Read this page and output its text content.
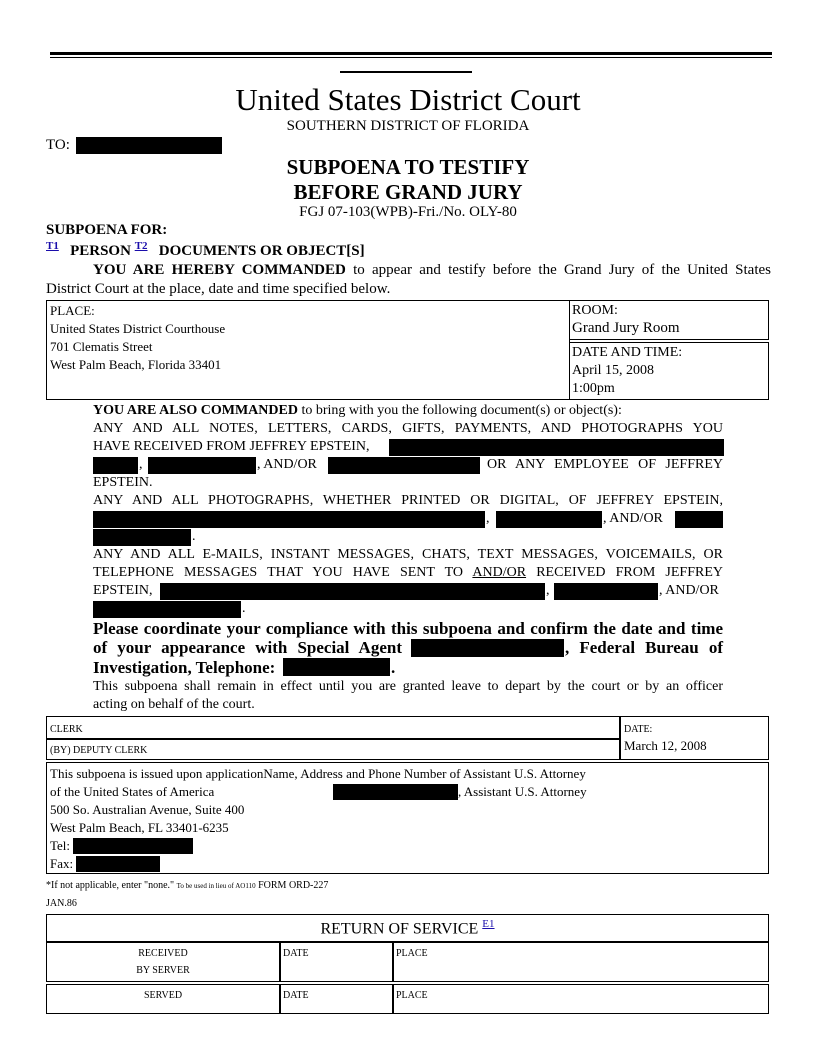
United States District Court
SOUTHERN DISTRICT OF FLORIDA
TO:
SUBPOENA TO TESTIFY
BEFORE GRAND JURY
FGJ 07-103(WPB)-Fri./No. OLY-80
SUBPOENA FOR:
$^{T1}$ PERSON $^{T2}$ DOCUMENTS OR OBJECT[S]
YOU ARE HEREBY COMMANDED to appear and testify before the Grand Jury of the United States
District Court at the place, date and time specified below.
PLACE:
United States District Courthouse
701 Clematis Street
West Palm Beach, Florida 33401
ROOM:
Grand Jury Room
DATE AND TIME:
April 15, 2008
1:00pm
YOU ARE ALSO COMMANDED to bring with you the following document(s) or object(s):
ANY AND ALL NOTES, LETTERS, CARDS, GIFTS, PAYMENTS, AND PHOTOGRAPHS YOU
HAVE RECEIVED FROM JEFFREY EPSTEIN,
,	, AND/OR	OR ANY EMPLOYEE OF JEFFREY
EPSTEIN.
ANY AND ALL PHOTOGRAPHS, WHETHER PRINTED OR DIGITAL, OF JEFFREY EPSTEIN,
,	, AND/OR
.
ANY AND ALL E-MAILS, INSTANT MESSAGES, CHATS, TEXT MESSAGES, VOICEMAILS, OR
TELEPHONE MESSAGES THAT YOU HAVE SENT TO AND/OR RECEIVED FROM JEFFREY
EPSTEIN,	,	, AND/OR
.
Please coordinate your compliance with this subpoena and confirm the date and time
of your appearance with Special Agent	, Federal Bureau of
Investigation, Telephone:	.
This subpoena shall remain in effect until you are granted leave to depart by the court or by an officer
acting on behalf of the court.
CLERK
(BY) DEPUTY CLERK
DATE:
March 12, 2008
This subpoena is issued upon applicationName, Address and Phone Number of Assistant U.S. Attorney
of the United States of America	, Assistant U.S. Attorney
500 So. Australian Avenue, Suite 400
West Palm Beach, FL 33401-6235
Tel:
Fax:
*If not applicable, enter "none." To be used in lieu of AO110 FORM ORD-227
JAN.86
RETURN OF SERVICE $^{E1}$
RECEIVED
BY SERVER
DATE	PLACE
SERVED	DATE	PLACE
